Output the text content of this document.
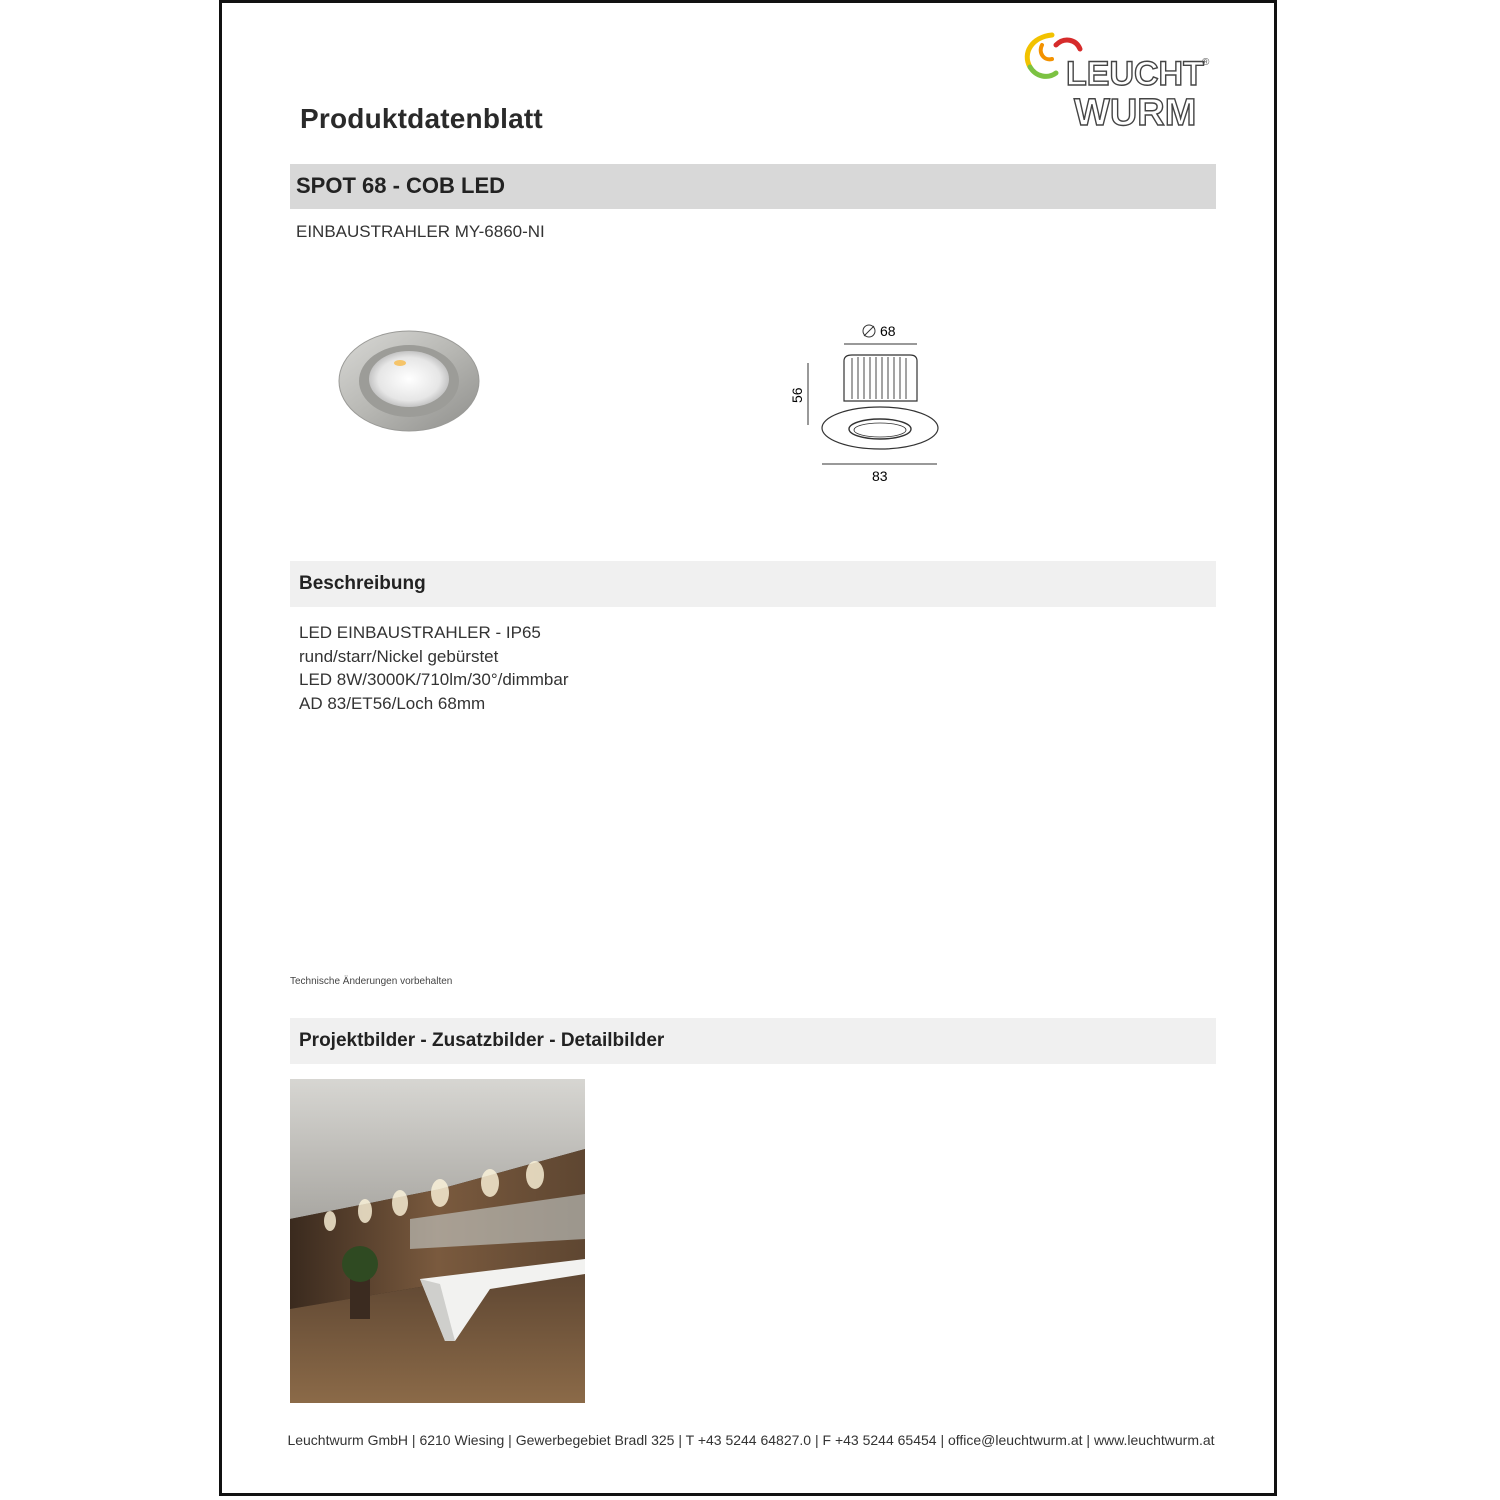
Produktdatenblatt
LEUCHT
WURM
®
SPOT 68 - COB LED
EINBAUSTRAHLER MY-6860-NI
68
56
83
Beschreibung
LED EINBAUSTRAHLER - IP65
rund/starr/Nickel gebürstet
LED 8W/3000K/710lm/30°/dimmbar
AD 83/ET56/Loch 68mm
Technische Änderungen vorbehalten
Projektbilder - Zusatzbilder - Detailbilder
Leuchtwurm GmbH | 6210 Wiesing | Gewerbegebiet Bradl 325 | T +43 5244 64827.0 | F +43 5244 65454 | office@leuchtwurm.at | www.leuchtwurm.at
